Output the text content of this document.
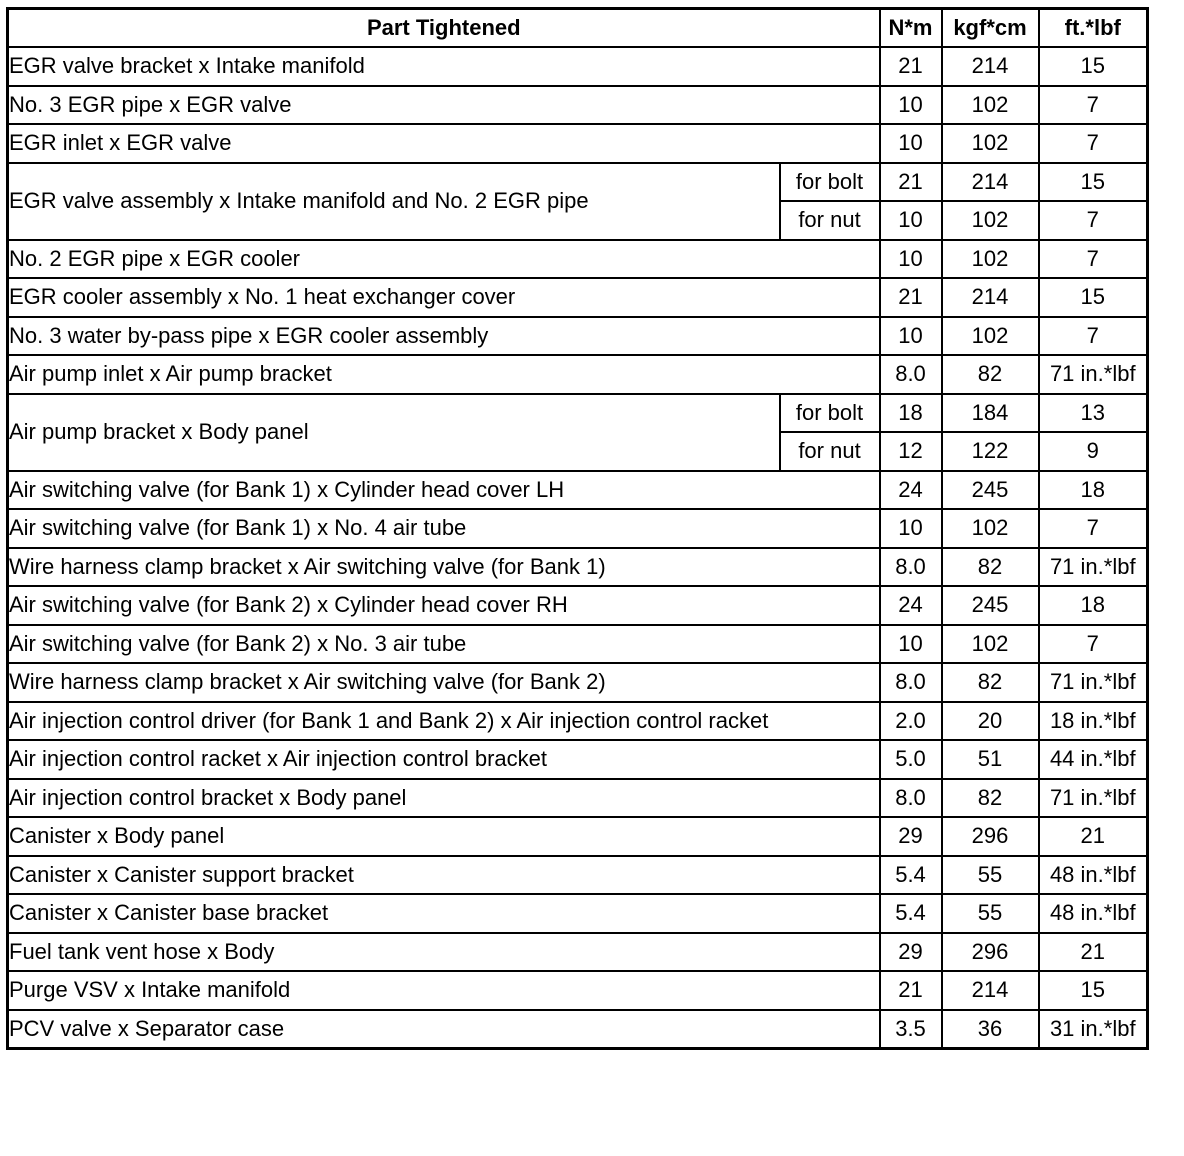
Part Tightened		N*m	kgf*cm	ft.*lbf
EGR valve bracket x Intake manifold		21	214	15
No. 3 EGR pipe x EGR valve		10	102	7
EGR inlet x EGR valve		10	102	7
EGR valve assembly x Intake manifold and No. 2 EGR pipe	for bolt	21	214	15
	for nut	10	102	7
No. 2 EGR pipe x EGR cooler		10	102	7
EGR cooler assembly x No. 1 heat exchanger cover		21	214	15
No. 3 water by-pass pipe x EGR cooler assembly		10	102	7
Air pump inlet x Air pump bracket		8.0	82	71 in.*lbf
Air pump bracket x Body panel	for bolt	18	184	13
	for nut	12	122	9
Air switching valve (for Bank 1) x Cylinder head cover LH		24	245	18
Air switching valve (for Bank 1) x No. 4 air tube		10	102	7
Wire harness clamp bracket x Air switching valve (for Bank 1)		8.0	82	71 in.*lbf
Air switching valve (for Bank 2) x Cylinder head cover RH		24	245	18
Air switching valve (for Bank 2) x No. 3 air tube		10	102	7
Wire harness clamp bracket x Air switching valve (for Bank 2)		8.0	82	71 in.*lbf
Air injection control driver (for Bank 1 and Bank 2) x Air injection control racket		2.0	20	18 in.*lbf
Air injection control racket x Air injection control bracket		5.0	51	44 in.*lbf
Air injection control bracket x Body panel		8.0	82	71 in.*lbf
Canister x Body panel		29	296	21
Canister x Canister support bracket		5.4	55	48 in.*lbf
Canister x Canister base bracket		5.4	55	48 in.*lbf
Fuel tank vent hose x Body		29	296	21
Purge VSV x Intake manifold		21	214	15
PCV valve x Separator case		3.5	36	31 in.*lbf
